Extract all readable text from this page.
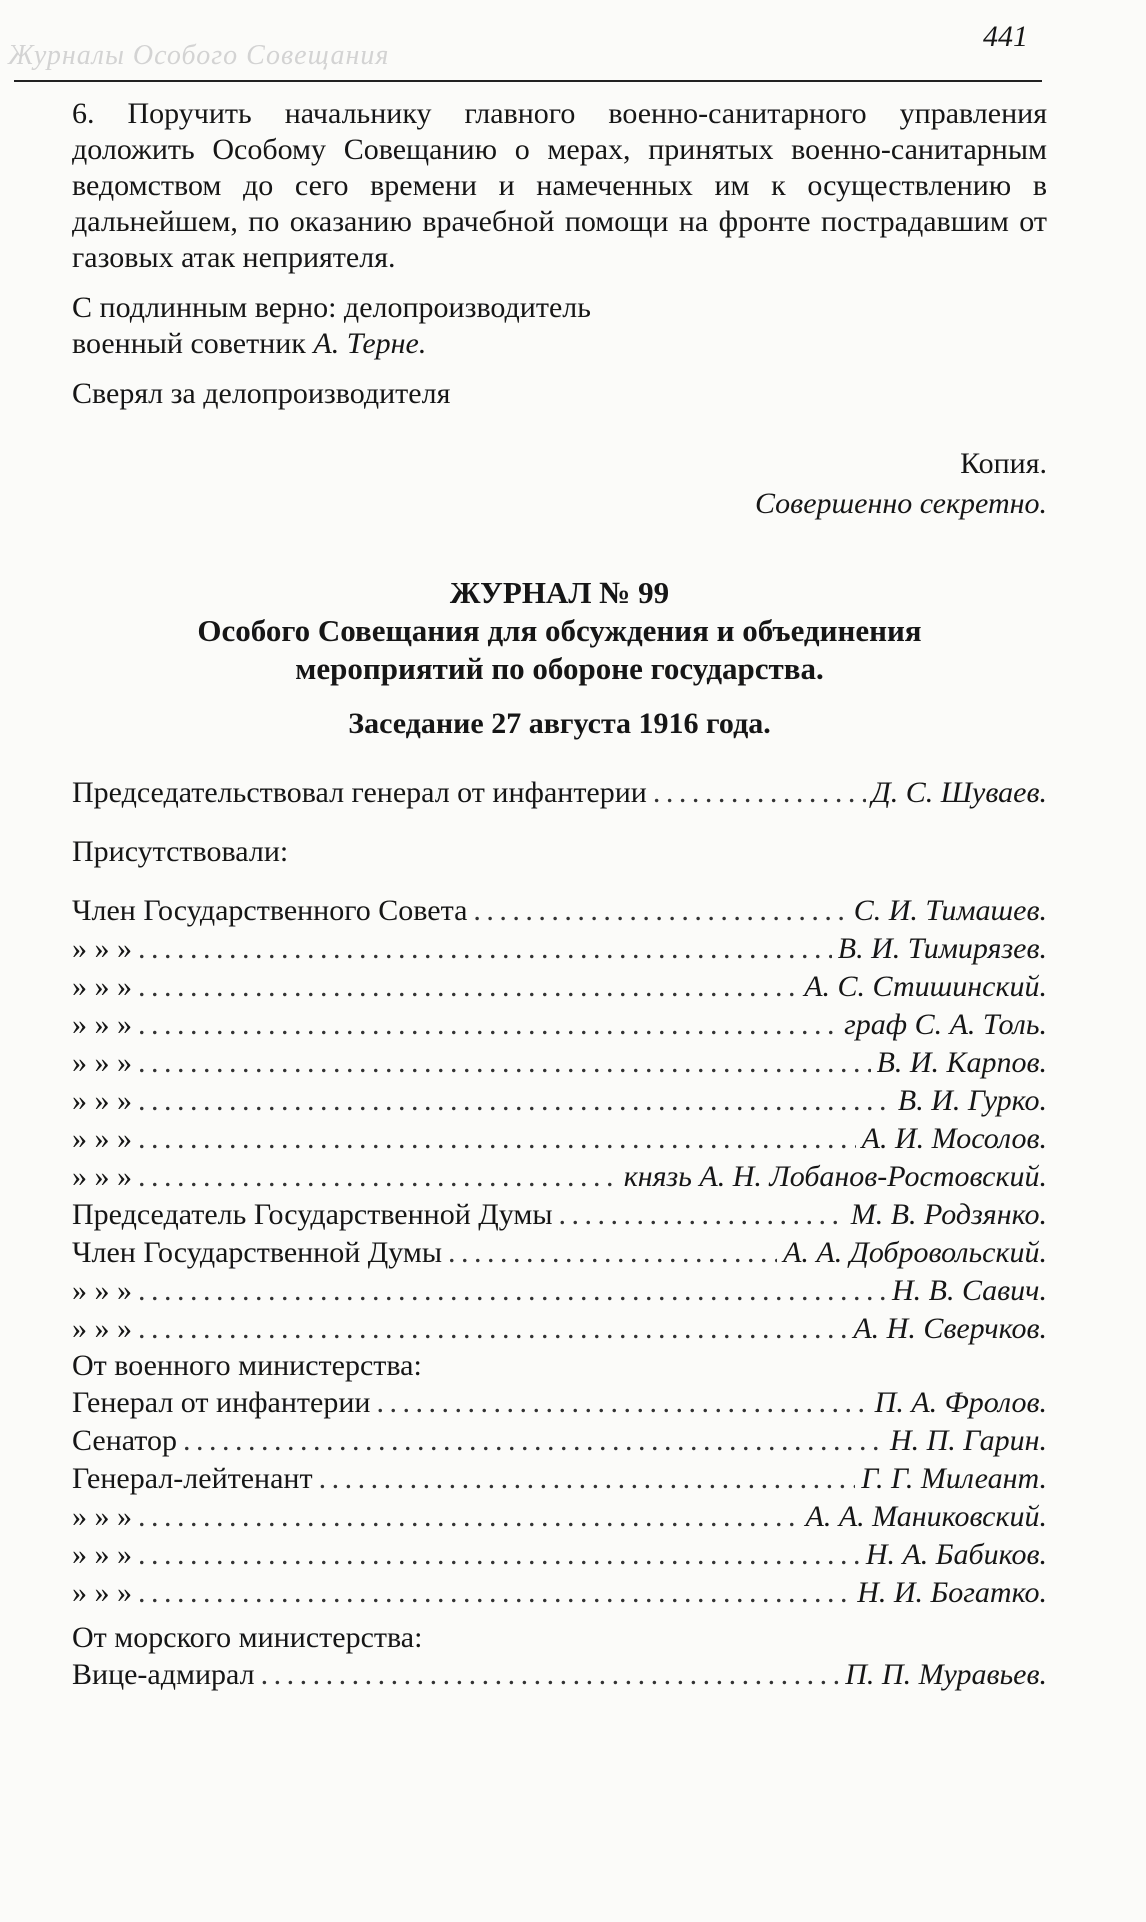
Журналы Особого Совещания
441

6. Поручить начальнику главного военно-санитарного управления доложить Особому Совещанию о мерах, принятых военно-санитарным ведомством до сего времени и намеченных им к осуществлению в дальнейшем, по оказанию врачебной помощи на фронте пострадавшим от газовых атак неприятеля.

С подлинным верно: делопроизводитель
военный советник А. Терне.
Сверял за делопроизводителя
Копия.
Совершенно секретно.

ЖУРНАЛ № 99

Особого Совещания для обсуждения и объединения

мероприятий по обороне государства.

Заседание 27 августа 1916 года.

Председательствовал генерал от инфантерии . . .	Д. С. Шуваев.
Присутствовали:
Член Государственного Совета . . .	С. И. Тимашев.
» » » . . .	В. И. Тимирязев.
» » » . . .	А. С. Стишинский.
» » » . . .	граф С. А. Толь.
» » » . . .	В. И. Карпов.
» » » . . .	В. И. Гурко.
» » » . . .	А. И. Мосолов.
» » » . . .	князь А. Н. Лобанов-Ростовский.
Председатель Государственной Думы . . .	М. В. Родзянко.
Член Государственной Думы . . .	А. А. Добровольский.
» » » . . .	Н. В. Савич.
» » » . . .	А. Н. Сверчков.
От военного министерства:
Генерал от инфантерии . . .	П. А. Фролов.
Сенатор . . .	Н. П. Гарин.
Генерал-лейтенант . . .	Г. Г. Милеант.
» » » . . .	А. А. Маниковский.
» » » . . .	Н. А. Бабиков.
» » » . . .	Н. И. Богатко.
От морского министерства:
Вице-адмирал . . .	П. П. Муравьев.
